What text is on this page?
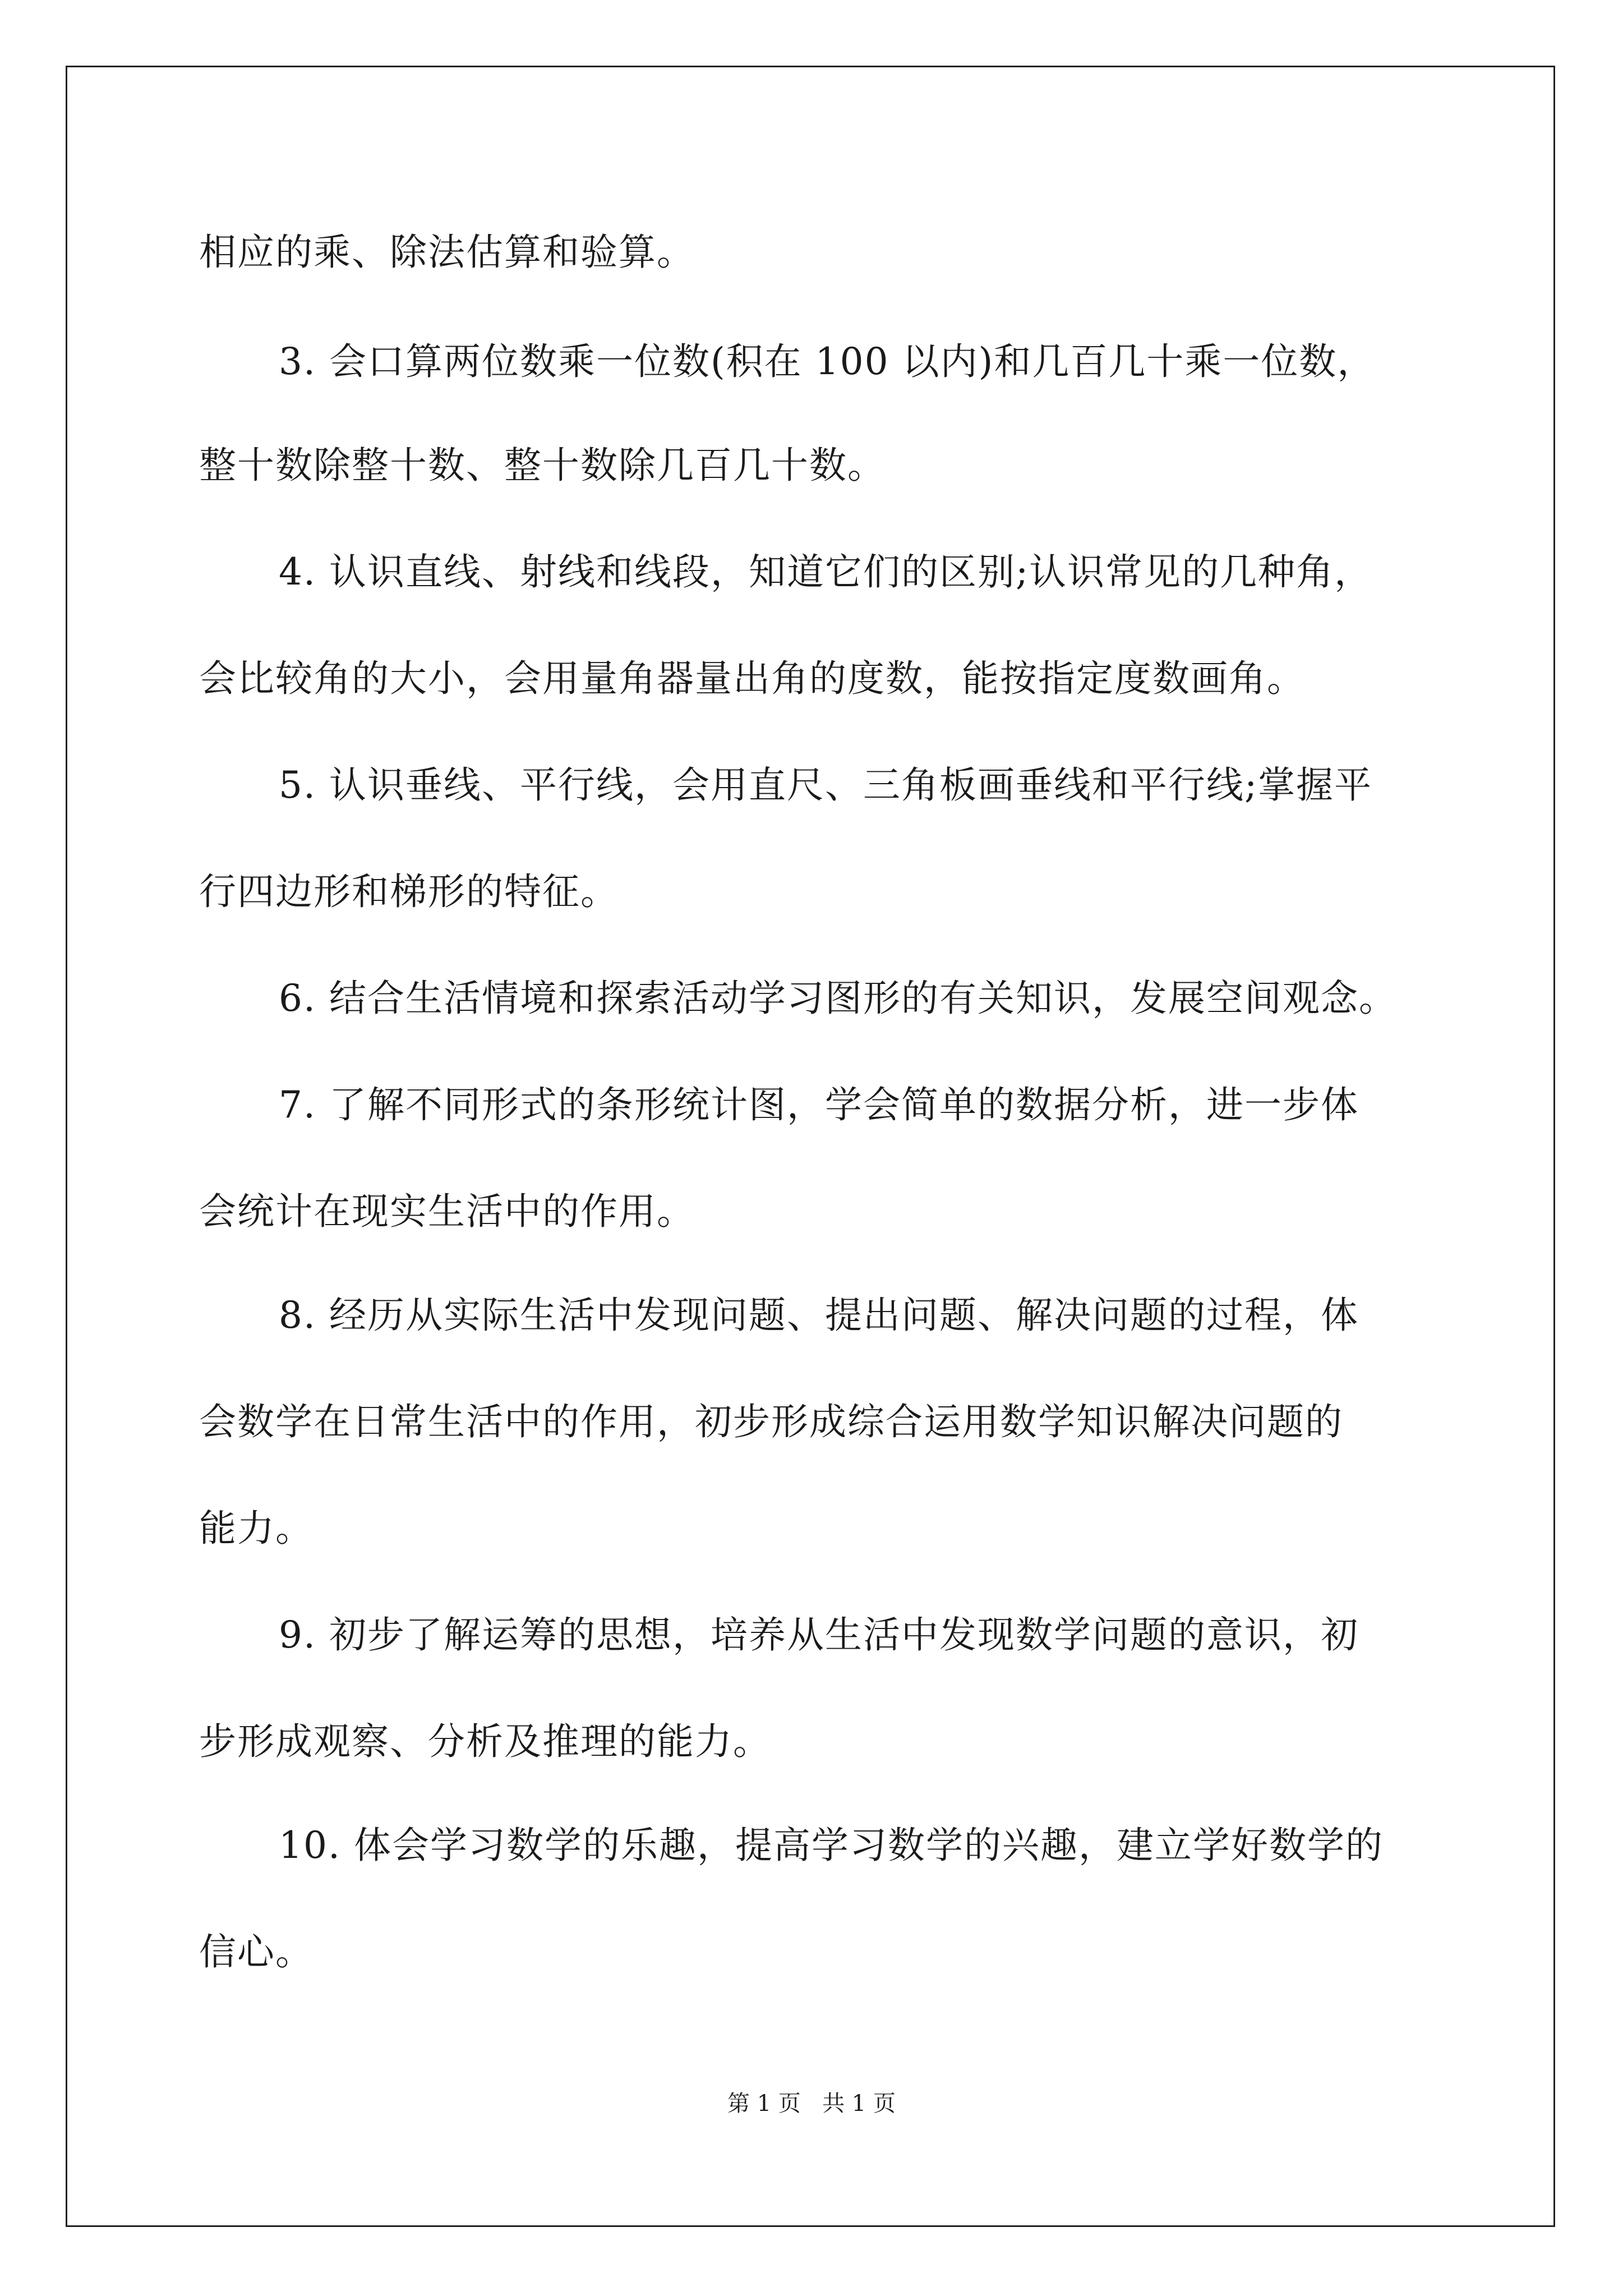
相应的乘、除法估算和验算。
3. 会口算两位数乘一位数(积在 100 以内)和几百几十乘一位数，
整十数除整十数、整十数除几百几十数。
4. 认识直线、射线和线段，知道它们的区别;认识常见的几种角，
会比较角的大小，会用量角器量出角的度数，能按指定度数画角。
5. 认识垂线、平行线，会用直尺、三角板画垂线和平行线;掌握平
行四边形和梯形的特征。
6. 结合生活情境和探索活动学习图形的有关知识，发展空间观念。
7. 了解不同形式的条形统计图，学会简单的数据分析，进一步体
会统计在现实生活中的作用。
8. 经历从实际生活中发现问题、提出问题、解决问题的过程，体
会数学在日常生活中的作用，初步形成综合运用数学知识解决问题的
能力。
9. 初步了解运筹的思想，培养从生活中发现数学问题的意识，初
步形成观察、分析及推理的能力。
10. 体会学习数学的乐趣，提高学习数学的兴趣，建立学好数学的
信心。
第 1 页   共 1 页
